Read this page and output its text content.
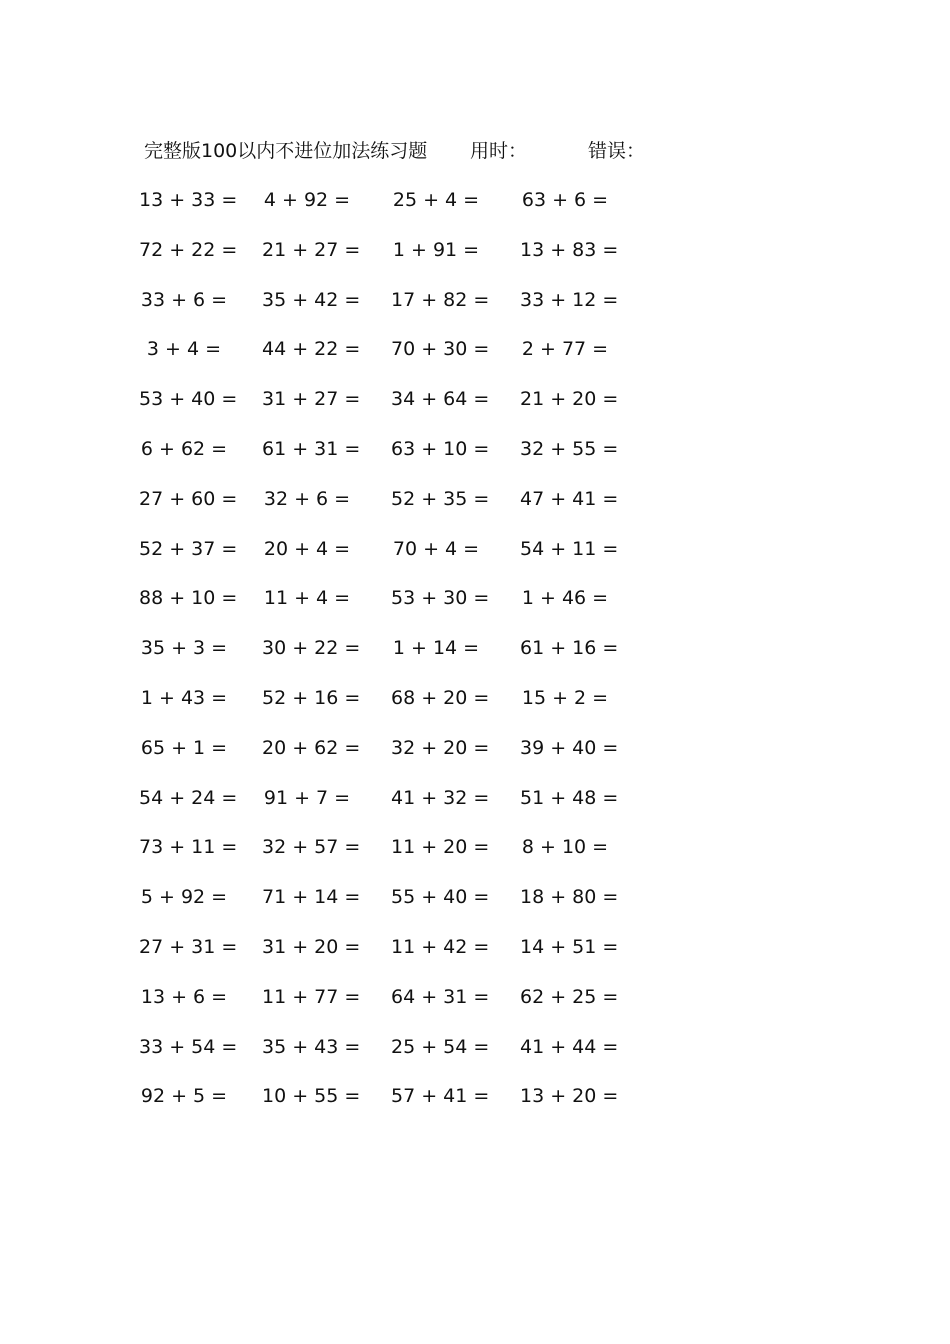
完整版100以内不进位加法练习题 用时：	错误：
13 + 33 = 4 + 92 = 25 + 4 = 63 + 6 =
72 + 22 = 21 + 27 = 1 + 91 = 13 + 83 =
33 + 6 = 35 + 42 = 17 + 82 = 33 + 12 =
3 + 4 =	44 + 22 = 70 + 30 = 2 + 77 =
53 + 40 = 31 + 27 = 34 + 64 = 21 + 20 =
6 + 62 = 61 + 31 = 63 + 10 = 32 + 55 =
27 + 60 = 32 + 6 = 52 + 35 = 47 + 41 =
52 + 37 = 20 + 4 = 70 + 4 = 54 + 11 =
88 + 10 = 11 + 4 = 53 + 30 = 1 + 46 =
35 + 3 = 30 + 22 = 1 + 14 = 61 + 16 =
1 + 43 = 52 + 16 = 68 + 20 = 15 + 2 =
65 + 1 = 20 + 62 = 32 + 20 = 39 + 40 =
54 + 24 = 91 + 7 = 41 + 32 = 51 + 48 =
73 + 11 = 32 + 57 = 11 + 20 = 8 + 10 =
5 + 92 = 71 + 14 = 55 + 40 = 18 + 80 =
27 + 31 = 31 + 20 = 11 + 42 = 14 + 51 =
13 + 6 = 11 + 77 = 64 + 31 = 62 + 25 =
33 + 54 = 35 + 43 = 25 + 54 = 41 + 44 =
92 + 5 = 10 + 55 = 57 + 41 = 13 + 20 =
